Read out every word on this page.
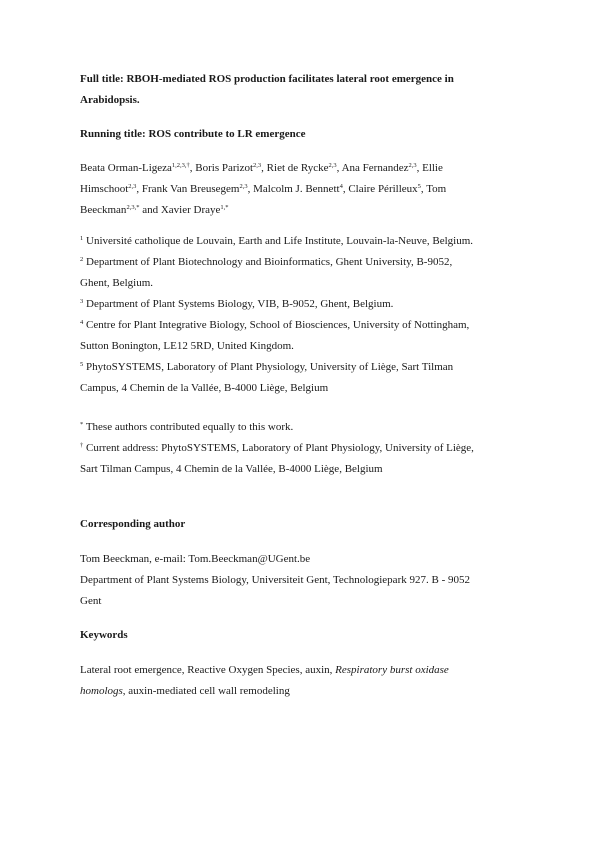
Full title: RBOH-mediated ROS production facilitates lateral root emergence in
Arabidopsis.
Running title: ROS contribute to LR emergence
Beata Orman-Ligeza$^{1,2,3,\dagger}$, Boris Parizot$^{2,3}$, Riet de Rycke$^{2,3}$, Ana Fernandez$^{2,3}$, Ellie
Himschoot$^{2,3}$, Frank Van Breusegem$^{2,3}$, Malcolm J. Bennett$^4$, Claire Périlleux$^5$, Tom
Beeckman$^{2,3,*}$ and Xavier Draye$^{1,*}$
$^1$ Université catholique de Louvain, Earth and Life Institute, Louvain-la-Neuve, Belgium.
$^2$ Department of Plant Biotechnology and Bioinformatics, Ghent University, B-9052,
Ghent, Belgium.
$^3$ Department of Plant Systems Biology, VIB, B-9052, Ghent, Belgium.
$^4$ Centre for Plant Integrative Biology, School of Biosciences, University of Nottingham,
Sutton Bonington, LE12 5RD, United Kingdom.
$^5$ PhytoSYSTEMS, Laboratory of Plant Physiology, University of Liège, Sart Tilman
Campus, 4 Chemin de la Vallée, B-4000 Liège, Belgium
* These authors contributed equally to this work.
† Current address: PhytoSYSTEMS, Laboratory of Plant Physiology, University of Liège,
Sart Tilman Campus, 4 Chemin de la Vallée, B-4000 Liège, Belgium
Corresponding author
Tom Beeckman, e-mail: Tom.Beeckman@UGent.be
Department of Plant Systems Biology, Universiteit Gent, Technologiepark 927. B - 9052
Gent
Keywords
Lateral root emergence, Reactive Oxygen Species, auxin, Respiratory burst oxidase
homologs, auxin-mediated cell wall remodeling
